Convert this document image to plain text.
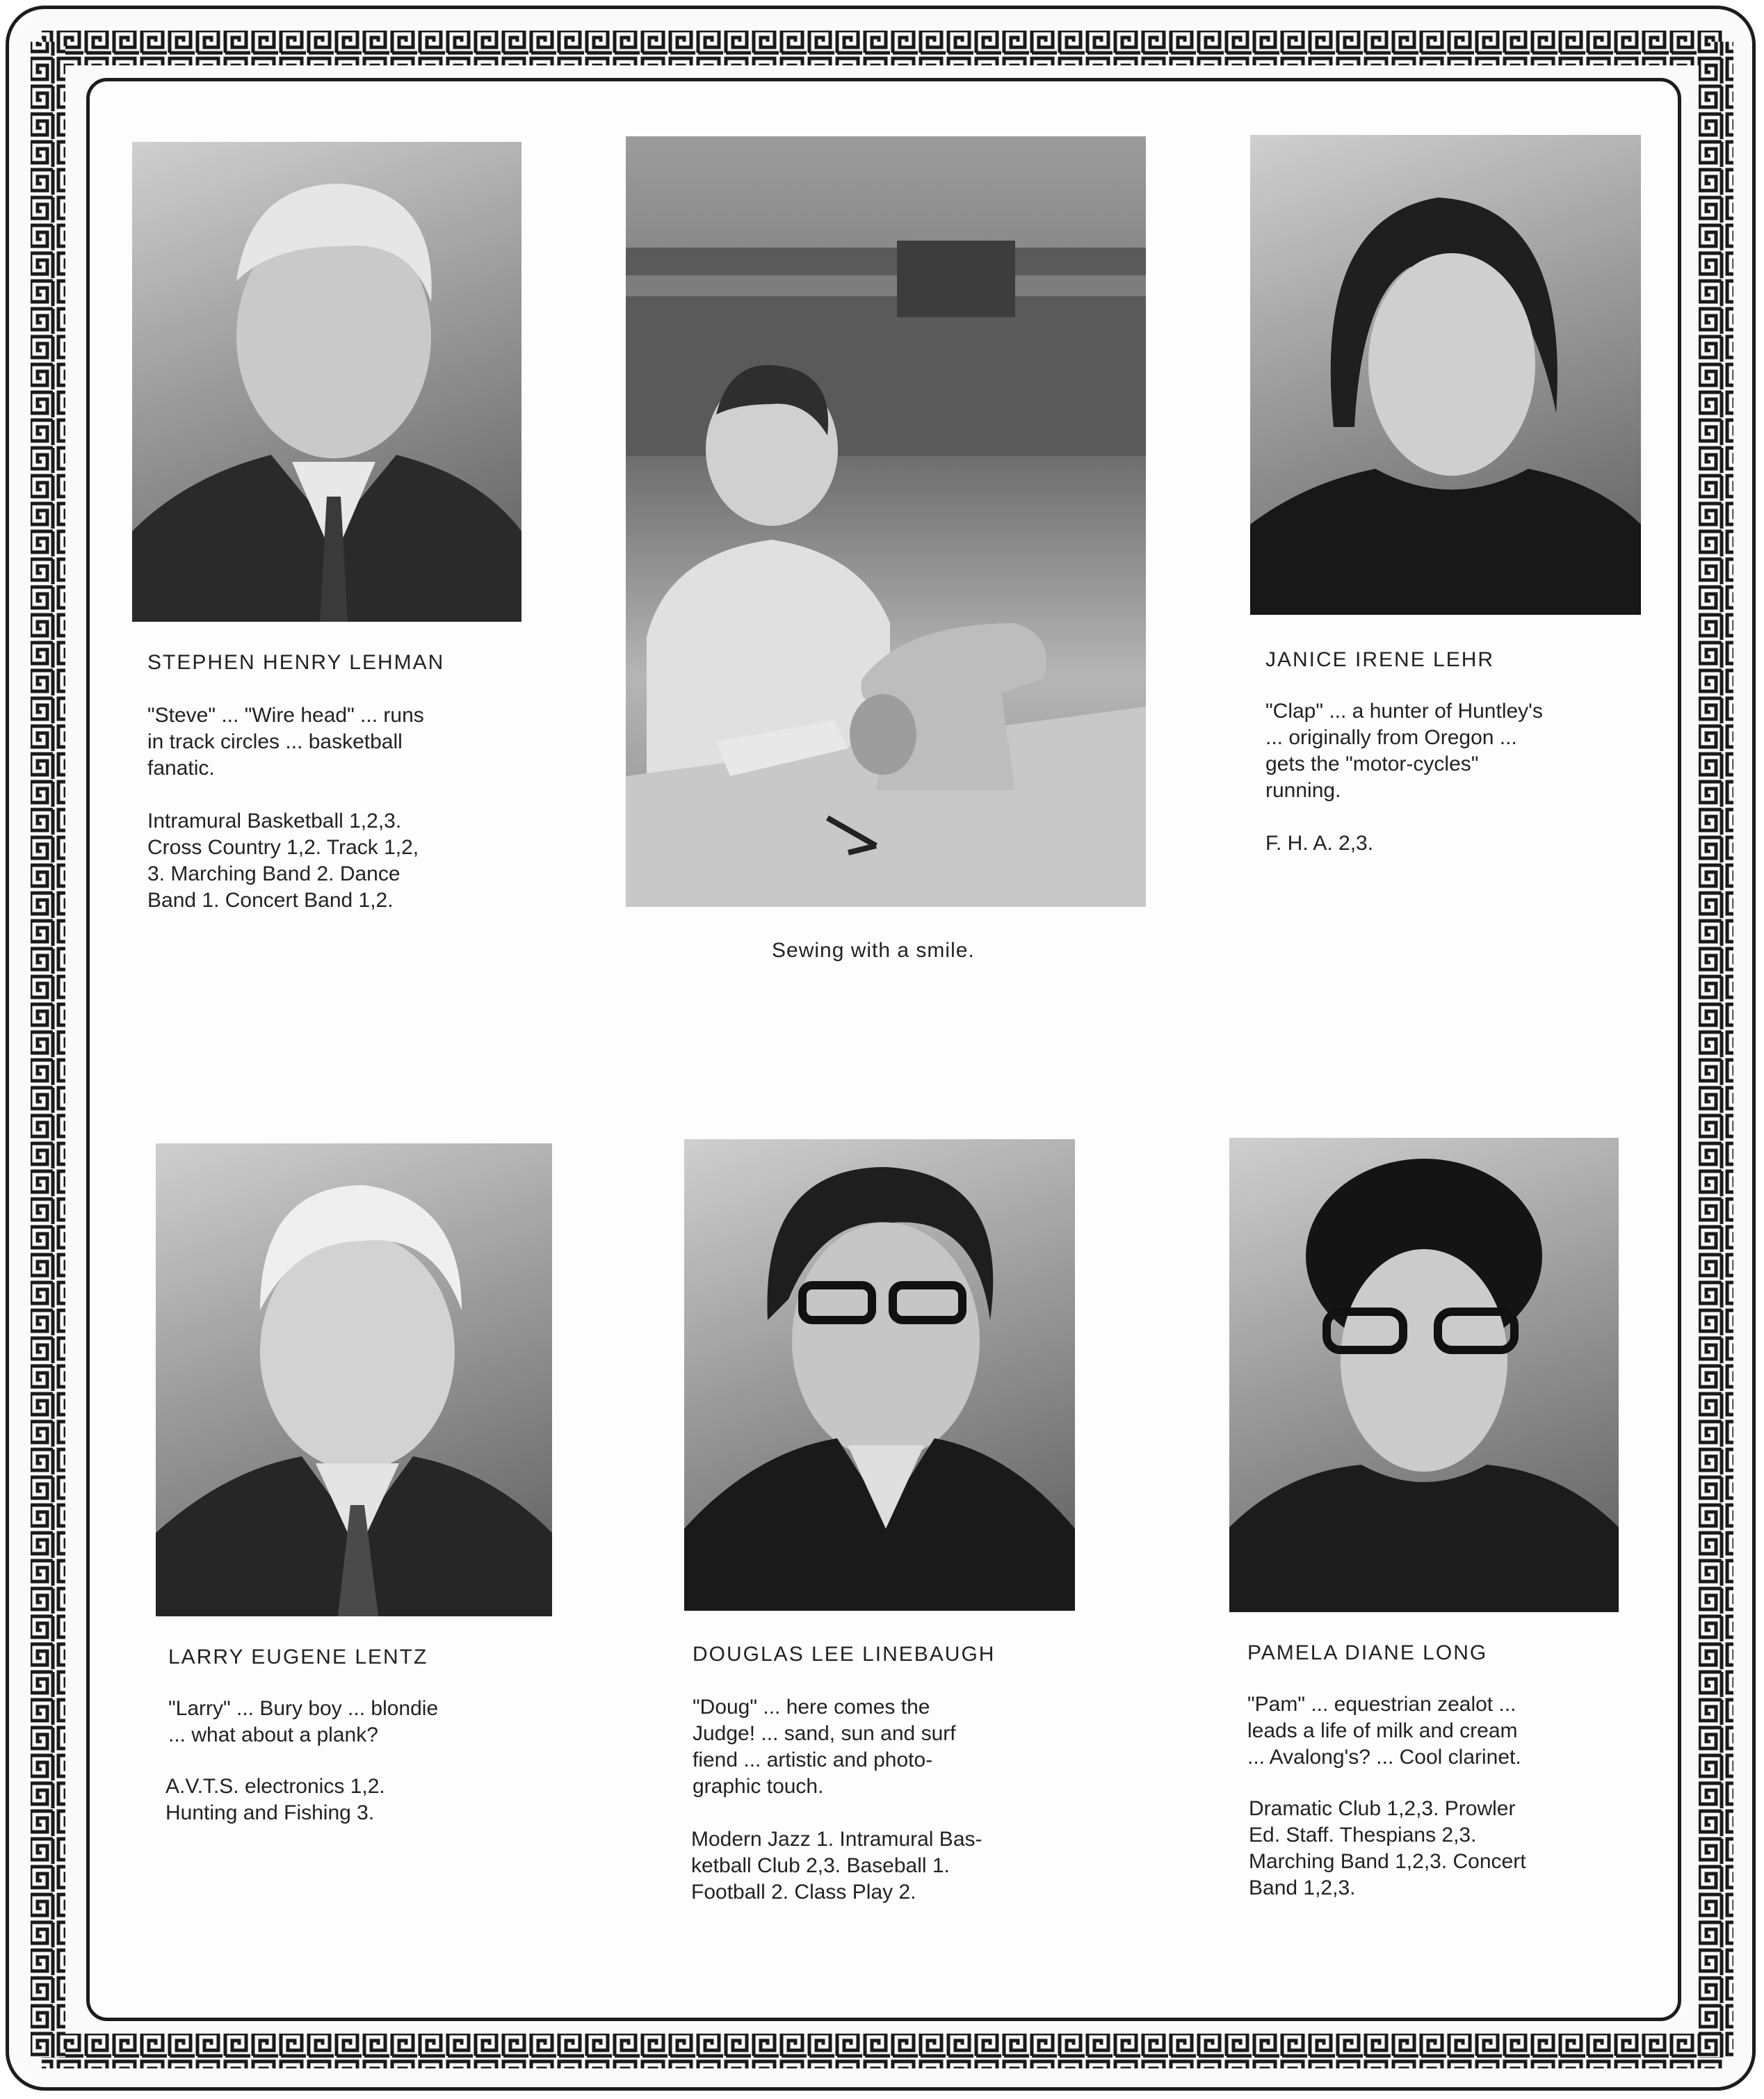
STEPHEN HENRY LEHMAN
"Steve" ... "Wire head" ... runs
in track circles ... basketball
fanatic.
Intramural Basketball 1,2,3.
Cross Country 1,2. Track 1,2,
3. Marching Band 2. Dance
Band 1. Concert Band 1,2.
Sewing with a smile.
JANICE IRENE LEHR
"Clap" ... a hunter of Huntley's
... originally from Oregon ...
gets the "motor-cycles"
running.
F. H. A. 2,3.
LARRY EUGENE LENTZ
"Larry" ... Bury boy ... blondie
... what about a plank?
A.V.T.S. electronics 1,2.
Hunting and Fishing 3.
DOUGLAS LEE LINEBAUGH
"Doug" ... here comes the
Judge! ... sand, sun and surf
fiend ... artistic and photo-
graphic touch.
Modern Jazz 1. Intramural Bas-
ketball Club 2,3. Baseball 1.
Football 2. Class Play 2.
PAMELA DIANE LONG
"Pam" ... equestrian zealot ...
leads a life of milk and cream
... Avalong's? ... Cool clarinet.
Dramatic Club 1,2,3. Prowler
Ed. Staff. Thespians 2,3.
Marching Band 1,2,3. Concert
Band 1,2,3.
